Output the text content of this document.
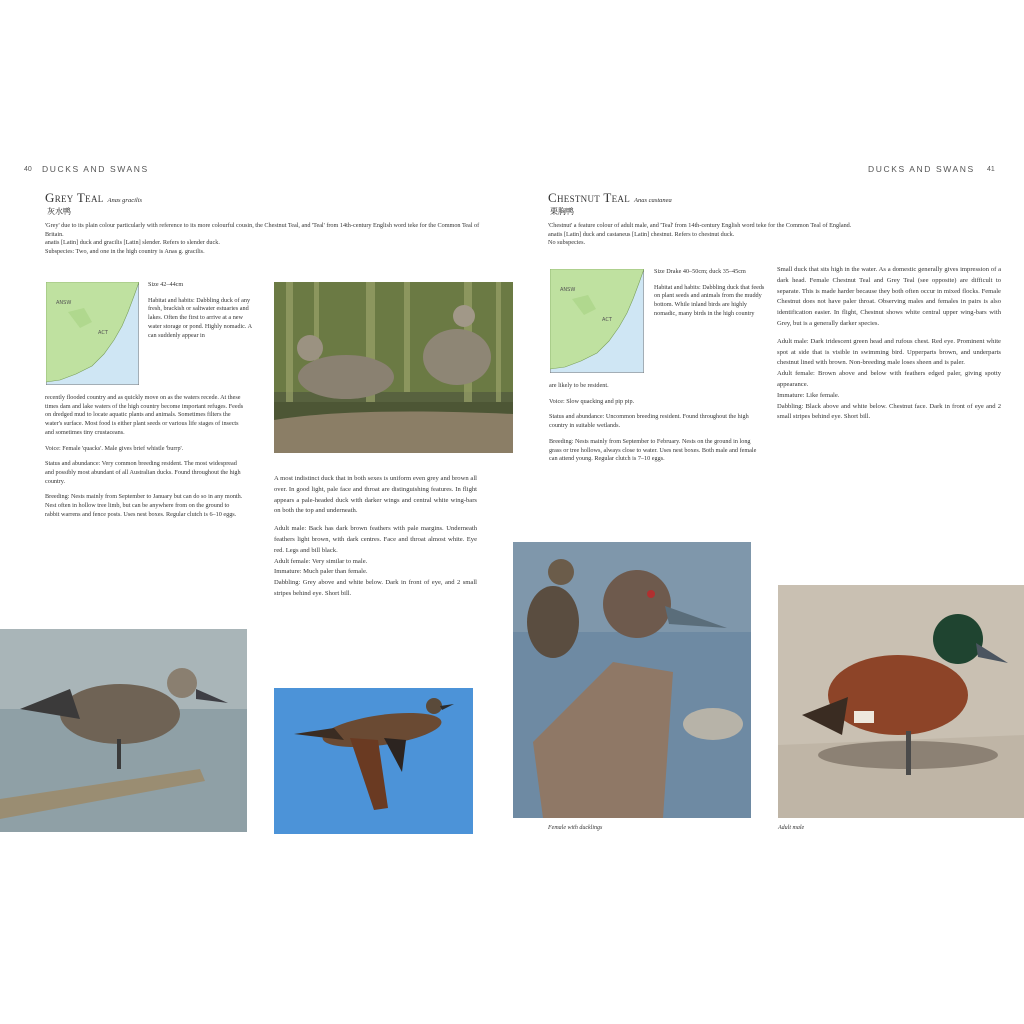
40 DUCKS AND SWANS
Grey Teal Anas gracilis
灰水鸭
'Grey' due to its plain colour particularly with reference to its more colourful cousin, the Chestnut Teal, and 'Teal' from 14th-century English word teke for the Common Teal of Britain.
anatis [Latin] duck and gracilis [Latin] slender. Refers to slender duck.
Subspecies: Two, and one in the high country is Anas g. gracilis.
ANSW
ACT

Size 42–44cm

Habitat and habits: Dabbling duck of any fresh, brackish or saltwater estuaries and lakes. Often the first to arrive at a new water storage or pond. Highly nomadic. A can suddenly appear in

recently flooded country and as quickly move on as the waters recede. At these times dam and lake waters of the high country become important refuges. Feeds on dredged mud to locate aquatic plants and animals. Sometimes filters the water's surface. Most food is either plant seeds or various life stages of insects and sometimes tiny crustaceans.

Voice: Female 'quacks'. Male gives brief whistle 'burrp'.

Status and abundance: Very common breeding resident. The most widespread and possibly most abundant of all Australian ducks. Found throughout the high country.

Breeding: Nests mainly from September to January but can do so in any month. Nest often in hollow tree limb, but can be anywhere from on the ground to rabbit warrens and fence posts. Uses nest boxes. Regular clutch is 6–10 eggs.

A most indistinct duck that in both sexes is uniform even grey and brown all over. In good light, pale face and throat are distinguishing features. In flight appears a pale-headed duck with darker wings and central white wing-bars on both the top and underneath.

Adult male: Back has dark brown feathers with pale margins. Underneath feathers light brown, with dark centres. Face and throat almost white. Eye red. Legs and bill black.
Adult female: Very similar to male.
Immature: Much paler than female.
Dabbling: Grey above and white below. Dark in front of eye, and 2 small stripes behind eye. Short bill.
DUCKS AND SWANS 41
Chestnut Teal Anas castanea
栗胸鸭
'Chestnut' a feature colour of adult male, and 'Teal' from 14th-century English word teke for the Common Teal of England.
anatis [Latin] duck and castaneus [Latin] chestnut. Refers to chestnut duck.
No subspecies.
ANSW
ACT

Size Drake 40–50cm; duck 35–45cm

Habitat and habits: Dabbling duck that feeds on plant seeds and animals from the muddy bottom. While inland birds are highly nomadic, many birds in the high country

are likely to be resident.

Voice: Slow quacking and pip pip.

Status and abundance: Uncommon breeding resident. Found throughout the high country in suitable wetlands.

Breeding: Nests mainly from September to February. Nests on the ground in long grass or tree hollows, always close to water. Uses nest boxes. Both male and female can attend young. Regular clutch is 7–10 eggs.

Small duck that sits high in the water. As a domestic generally gives impression of a dark head. Female Chestnut Teal and Grey Teal (see opposite) are difficult to separate. This is made harder because they both often occur in mixed flocks. Female Chestnut does not have paler throat. Observing males and females in pairs is also identification easier. In flight, Chestnut shows white central upper wing-bars with Grey, but is a generally darker species.

Adult male: Dark iridescent green head and rufous chest. Red eye. Prominent white spot at side that is visible in swimming bird. Upperparts brown, and underparts chestnut lined with brown. Non-breeding male loses sheen and is paler.
Adult female: Brown above and below with feathers edged paler, giving spotty appearance.
Immature: Like female.
Dabbling: Black above and white below. Chestnut face. Dark in front of eye and 2 small stripes behind eye. Short bill.
Female with ducklings	Adult male
